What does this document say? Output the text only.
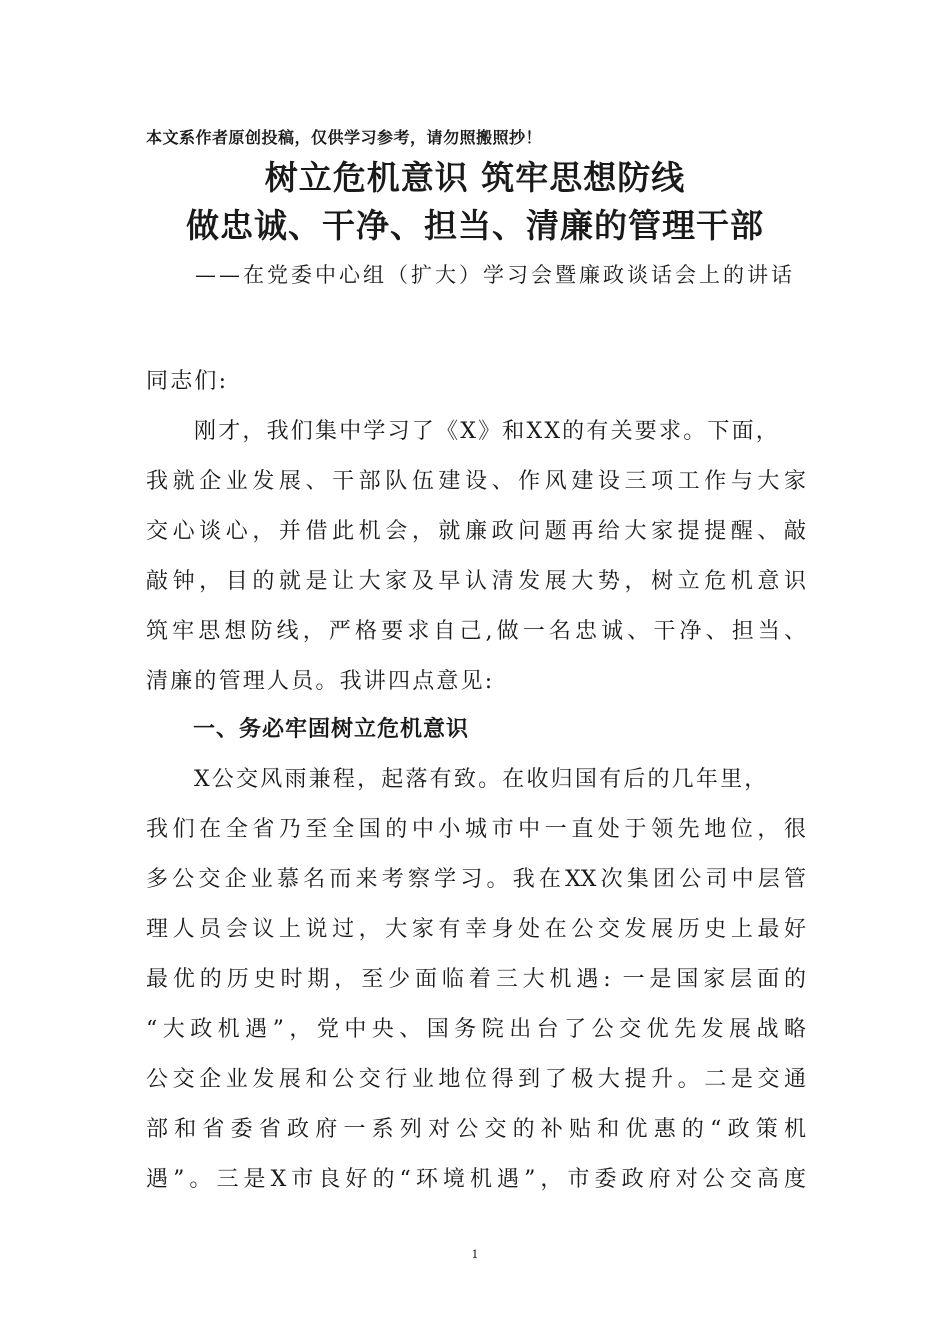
本文系作者原创投稿，仅供学习参考，请勿照搬照抄！
树立危机意识 筑牢思想防线
做忠诚、干净、担当、清廉的管理干部
——在党委中心组（扩大）学习会暨廉政谈话会上的讲话
同志们:
刚才，我们集中学习了《X》和XX的有关要求。下面，
我就企业发展、干部队伍建设、作风建设三项工作与大家
交心谈心，并借此机会，就廉政问题再给大家提提醒、敲
敲钟，目的就是让大家及早认清发展大势，树立危机意识
筑牢思想防线，严格要求自己,做一名忠诚、干净、担当、
清廉的管理人员。我讲四点意见:
一、务必牢固树立危机意识
X公交风雨兼程，起落有致。在收归国有后的几年里，
我们在全省乃至全国的中小城市中一直处于领先地位，很
多公交企业慕名而来考察学习。我在XX次集团公司中层管
理人员会议上说过，大家有幸身处在公交发展历史上最好
最优的历史时期，至少面临着三大机遇: 一是国家层面的
“大政机遇”，党中央、国务院出台了公交优先发展战略
公交企业发展和公交行业地位得到了极大提升。二是交通
部和省委省政府一系列对公交的补贴和优惠的“政策机
遇”。三是X市良好的“环境机遇”，市委政府对公交高度
1
